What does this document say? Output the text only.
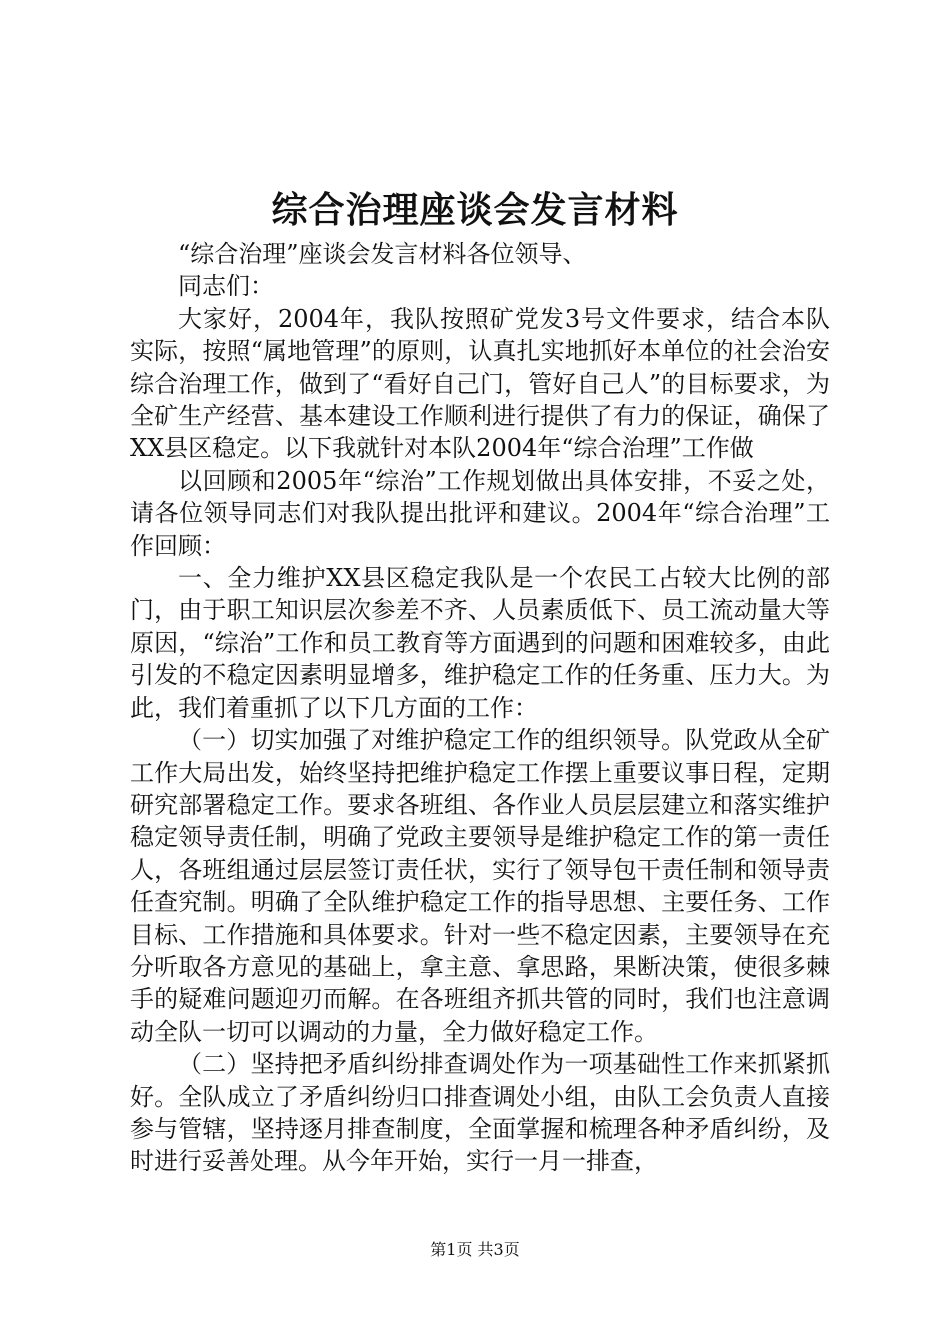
综合治理座谈会发言材料

“综合治理”座谈会发言材料各位领导、

同志们：

大家好，2004年，我队按照矿党发3号文件要求，结合本队实际，按照“属地管理”的原则，认真扎实地抓好本单位的社会治安综合治理工作，做到了“看好自己门，管好自己人”的目标要求，为全矿生产经营、基本建设工作顺利进行提供了有力的保证，确保了XX县区稳定。以下我就针对本队2004年“综合治理”工作做

以回顾和2005年“综治”工作规划做出具体安排，不妥之处，请各位领导同志们对我队提出批评和建议。2004年“综合治理”工作回顾：

一、全力维护XX县区稳定我队是一个农民工占较大比例的部门，由于职工知识层次参差不齐、人员素质低下、员工流动量大等原因，“综治”工作和员工教育等方面遇到的问题和困难较多，由此引发的不稳定因素明显增多，维护稳定工作的任务重、压力大。为此，我们着重抓了以下几方面的工作：

（一）切实加强了对维护稳定工作的组织领导。队党政从全矿工作大局出发，始终坚持把维护稳定工作摆上重要议事日程，定期研究部署稳定工作。要求各班组、各作业人员层层建立和落实维护稳定领导责任制，明确了党政主要领导是维护稳定工作的第一责任人，各班组通过层层签订责任状，实行了领导包干责任制和领导责任查究制。明确了全队维护稳定工作的指导思想、主要任务、工作目标、工作措施和具体要求。针对一些不稳定因素，主要领导在充分听取各方意见的基础上，拿主意、拿思路，果断决策，使很多棘手的疑难问题迎刃而解。在各班组齐抓共管的同时，我们也注意调动全队一切可以调动的力量，全力做好稳定工作。

（二）坚持把矛盾纠纷排查调处作为一项基础性工作来抓紧抓好。全队成立了矛盾纠纷归口排查调处小组，由队工会负责人直接参与管辖，坚持逐月排查制度，全面掌握和梳理各种矛盾纠纷，及时进行妥善处理。从今年开始，实行一月一排查，

第1页 共3页
